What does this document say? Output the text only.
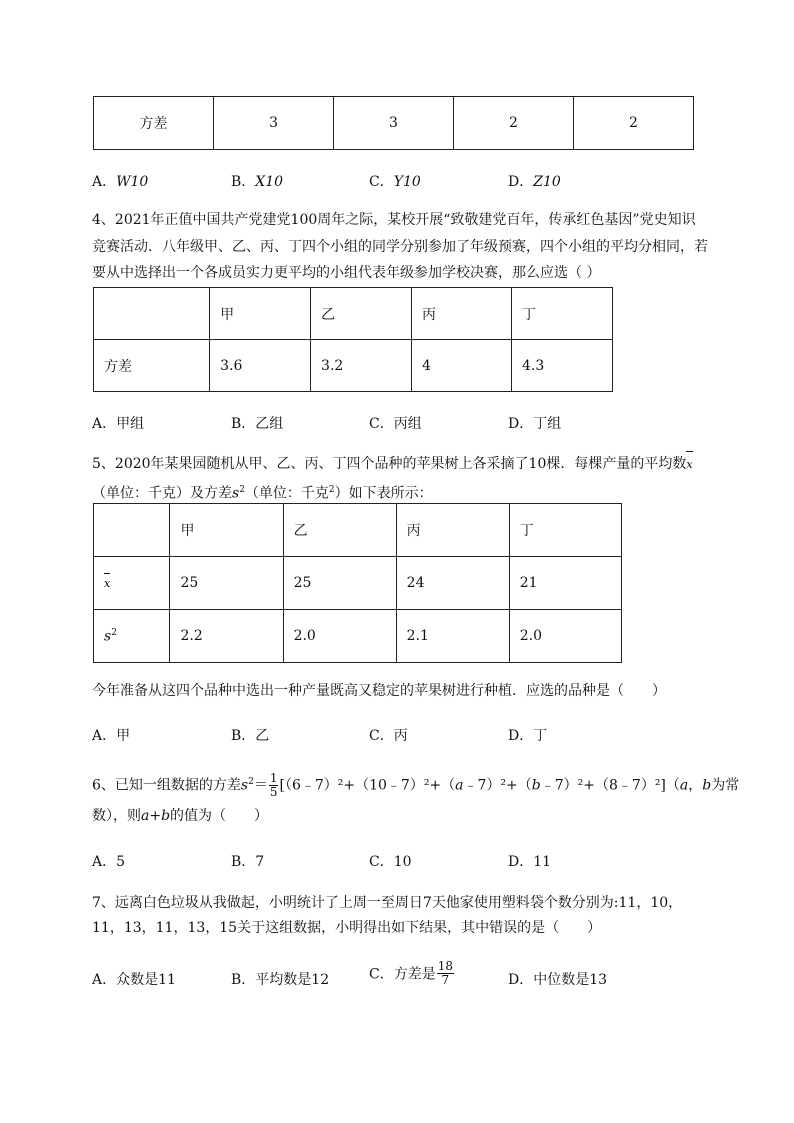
方差	3	3	2	2
A．W10	B．X10	C．Y10	D．Z10
4、2021年正值中国共产党建党100周年之际，某校开展“致敬建党百年，传承红色基因”党史知识
竞赛活动．八年级甲、乙、丙、丁四个小组的同学分别参加了年级预赛，四个小组的平均分相同，若
要从中选择出一个各成员实力更平均的小组代表年级参加学校决赛，那么应选（ ）
	甲	乙	丙	丁
方差	3.6	3.2	4	4.3
A．甲组	B．乙组	C．丙组	D．丁组
5、2020年某果园随机从甲、乙、丙、丁四个品种的苹果树上各采摘了10棵．每棵产量的平均数x
（单位：千克）及方差$s^2$（单位：千克$^2$）如下表所示：
	甲	乙	丙	丁
x	25	25	24	21
$s^2$	2.2	2.0	2.1	2.0
今年准备从这四个品种中选出一种产量既高又稳定的苹果树进行种植．应选的品种是（　　）
A．甲	B．乙	C．丙	D．丁
6、已知一组数据的方差$s^2= \frac{1}{5}$ [（6﹣7）²+（10﹣7）²+（a﹣7）²+（b﹣7）²+（8﹣7）²]（a，b为常
数），则a+b的值为（　　）
A．5	B．7	C．10	D．11
7、远离白色垃圾从我做起，小明统计了上周一至周日7天他家使用塑料袋个数分别为:11，10，
11，13，11，13，15关于这组数据，小明得出如下结果，其中错误的是（　　）
A．众数是11	B．平均数是12	C．方差是 $\frac{18}{7}$	D．中位数是13
